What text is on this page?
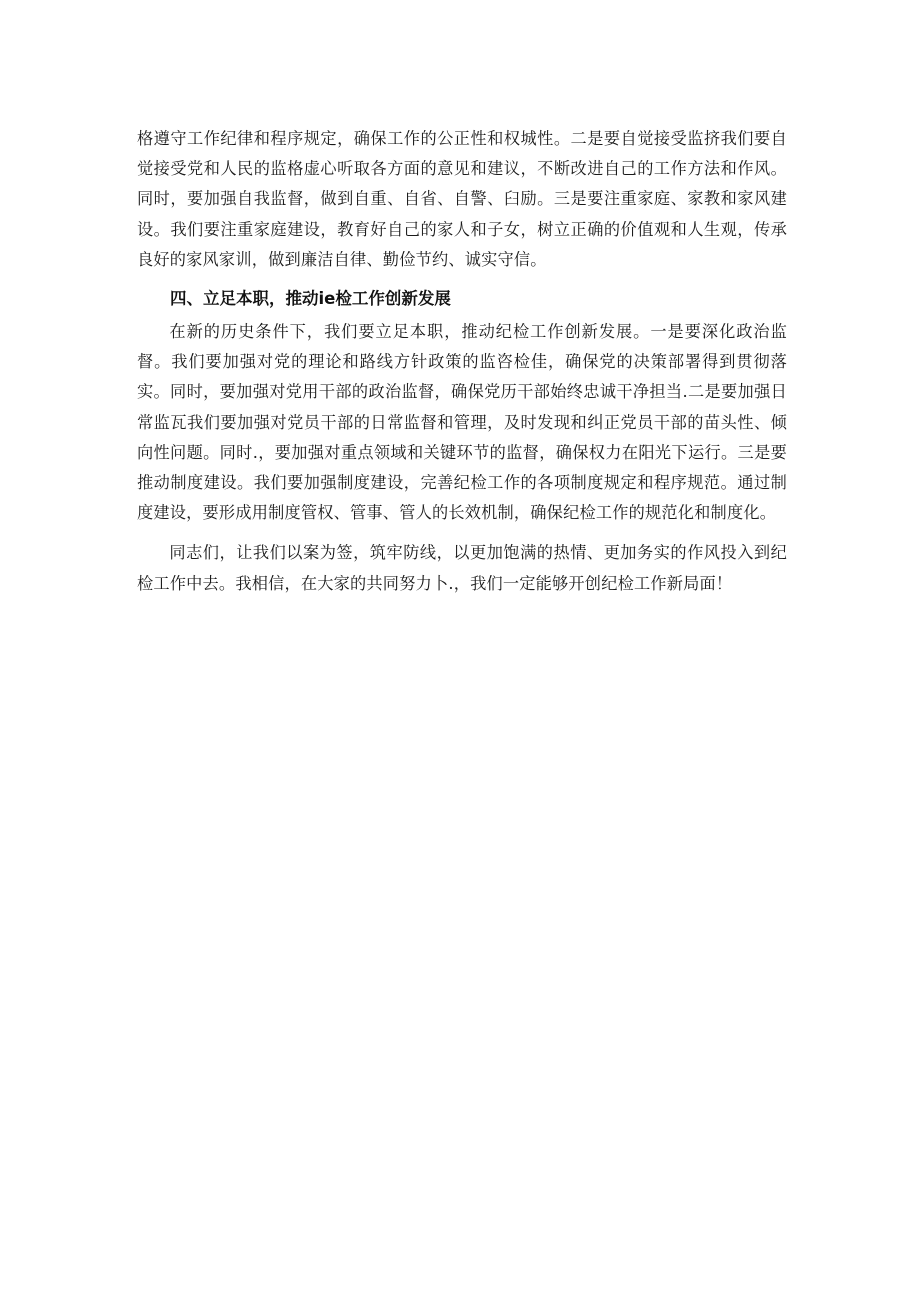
格遵守工作纪律和程序规定，确保工作的公正性和权城性。二是要自觉接受监挤我们要自觉接受党和人民的监格虚心听取各方面的意见和建议，不断改进自己的工作方法和作风。同时，要加强自我监督，做到自重、自省、自警、臼励。三是要注重家庭、家教和家风建设。我们要注重家庭建设，教育好自己的家人和子女，树立正确的价值观和人生观，传承良好的家风家训，做到廉洁自律、勤俭节约、诚实守信。

四、立足本职，推动ie检工作创新发展

在新的历史条件下，我们要立足本职，推动纪检工作创新发展。一是要深化政治监督。我们要加强对党的理论和路线方针政策的监咨检佳，确保党的决策部署得到贯彻落实。同时，要加强对党用干部的政治监督，确保党历干部始终忠诚干净担当.二是要加强日常监瓦我们要加强对党员干部的日常监督和管理，及时发现和纠正党员干部的苗头性、倾向性问题。同时.，要加强对重点领域和关键环节的监督，确保权力在阳光下运行。三是要推动制度建设。我们要加强制度建设，完善纪检工作的各项制度规定和程序规范。通过制度建设，要形成用制度管权、管事、管人的长效机制，确保纪检工作的规范化和制度化。

同志们，让我们以案为签，筑牢防线，以更加饱满的热情、更加务实的作风投入到纪检工作中去。我相信，在大家的共同努力卜.，我们一定能够开创纪检工作新局面！
